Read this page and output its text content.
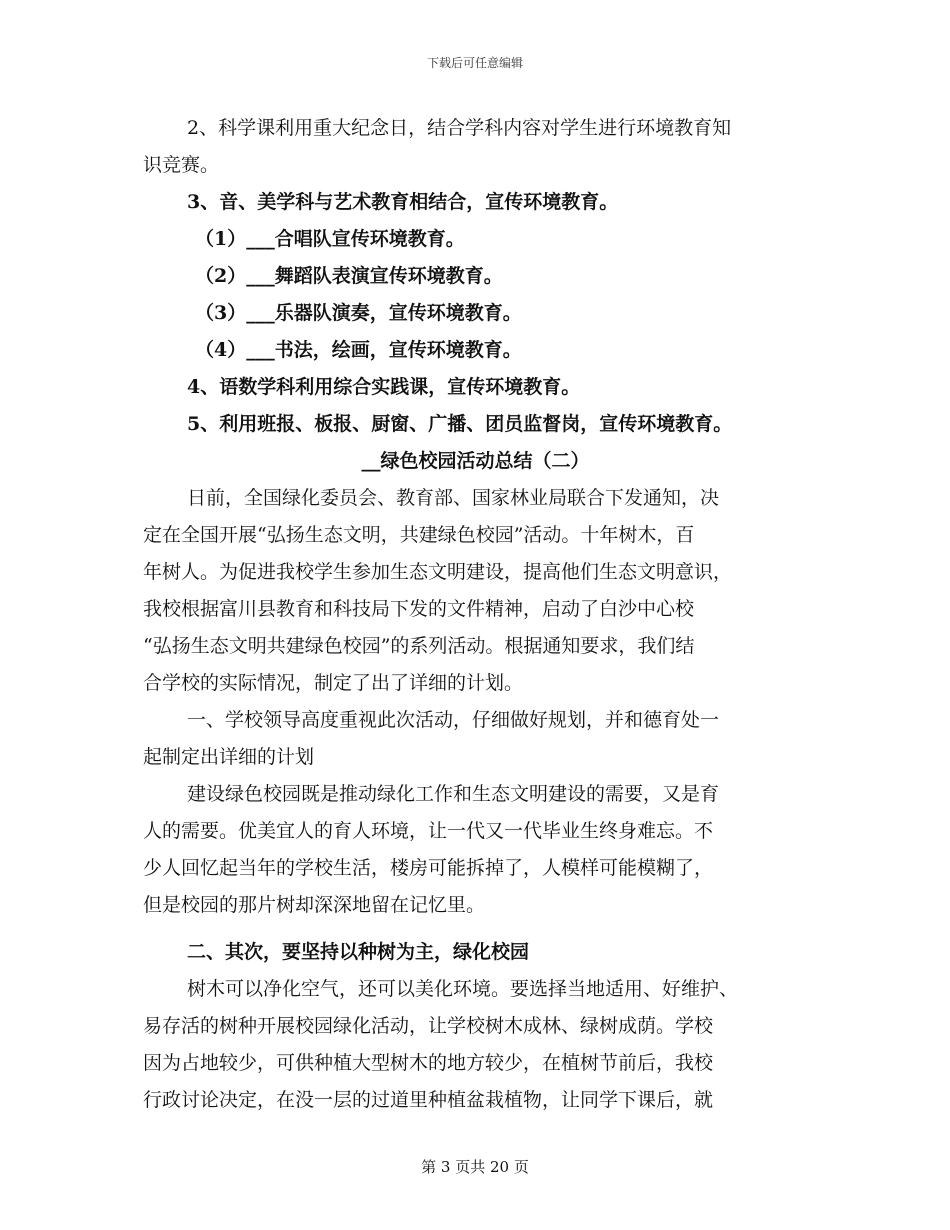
下载后可任意编辑
2、科学课利用重大纪念日，结合学科内容对学生进行环境教育知
识竞赛。
3、音、美学科与艺术教育相结合，宣传环境教育。
（1）___合唱队宣传环境教育。
（2）___舞蹈队表演宣传环境教育。
（3）___乐器队演奏，宣传环境教育。
（4）___书法，绘画，宣传环境教育。
4、语数学科利用综合实践课，宣传环境教育。
5、利用班报、板报、厨窗、广播、团员监督岗，宣传环境教育。
__绿色校园活动总结（二）
日前，全国绿化委员会、教育部、国家林业局联合下发通知，决
定在全国开展“弘扬生态文明，共建绿色校园”活动。十年树木，百
年树人。为促进我校学生参加生态文明建设，提高他们生态文明意识，
我校根据富川县教育和科技局下发的文件精神，启动了白沙中心校
“弘扬生态文明共建绿色校园”的系列活动。根据通知要求，我们结
合学校的实际情况，制定了出了详细的计划。
一、学校领导高度重视此次活动，仔细做好规划，并和德育处一
起制定出详细的计划
建设绿色校园既是推动绿化工作和生态文明建设的需要，又是育
人的需要。优美宜人的育人环境，让一代又一代毕业生终身难忘。不
少人回忆起当年的学校生活，楼房可能拆掉了，人模样可能模糊了，
但是校园的那片树却深深地留在记忆里。
二、其次，要坚持以种树为主，绿化校园
树木可以净化空气，还可以美化环境。要选择当地适用、好维护、
易存活的树种开展校园绿化活动，让学校树木成林、绿树成荫。学校
因为占地较少，可供种植大型树木的地方较少，在植树节前后，我校
行政讨论决定，在没一层的过道里种植盆栽植物，让同学下课后，就
第 3 页共 20 页
